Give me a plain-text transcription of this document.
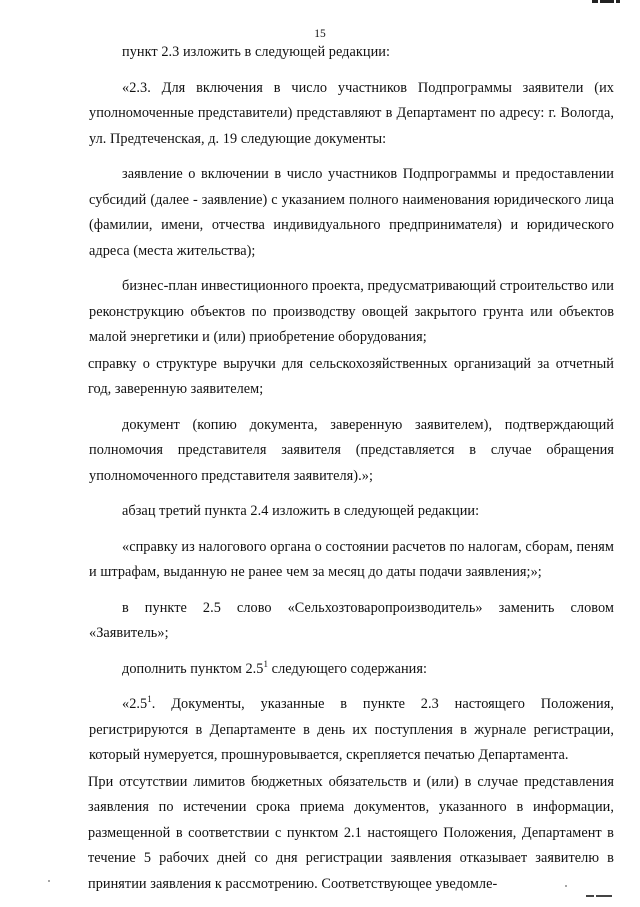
15

пункт 2.3 изложить в следующей редакции:

«2.3. Для включения в число участников Подпрограммы заявители (их уполномоченные представители) представляют в Департамент по адресу: г. Вологда, ул. Предтеченская, д. 19 следующие документы:

заявление о включении в число участников Подпрограммы и предоставлении субсидий (далее - заявление) с указанием полного наименования юридического лица (фамилии, имени, отчества индивидуального предпринимателя) и юридического адреса (места жительства);

бизнес-план инвестиционного проекта, предусматривающий строительство или реконструкцию объектов по производству овощей закрытого грунта или объектов малой энергетики и (или) приобретение оборудования;

справку о структуре выручки для сельскохозяйственных организаций за отчетный год, заверенную заявителем;

документ (копию документа, заверенную заявителем), подтверждающий полномочия представителя заявителя (представляется в случае обращения уполномоченного представителя заявителя).»;

абзац третий пункта 2.4 изложить в следующей редакции:

«справку из налогового органа о состоянии расчетов по налогам, сборам, пеням и штрафам, выданную не ранее чем за месяц до даты подачи заявления;»;

в пункте 2.5 слово «Сельхозтоваропроизводитель» заменить словом «Заявитель»;

дополнить пунктом $2.5^1$ следующего содержания:

«$2.5^1$. Документы, указанные в пункте 2.3 настоящего Положения, регистрируются в Департаменте в день их поступления в журнале регистрации, который нумеруется, прошнуровывается, скрепляется печатью Департамента.

При отсутствии лимитов бюджетных обязательств и (или) в случае представления заявления по истечении срока приема документов, указанного в информации, размещенной в соответствии с пунктом 2.1 настоящего Положения, Департамент в течение 5 рабочих дней со дня регистрации заявления отказывает заявителю в принятии заявления к рассмотрению. Соответствующее уведомле-
